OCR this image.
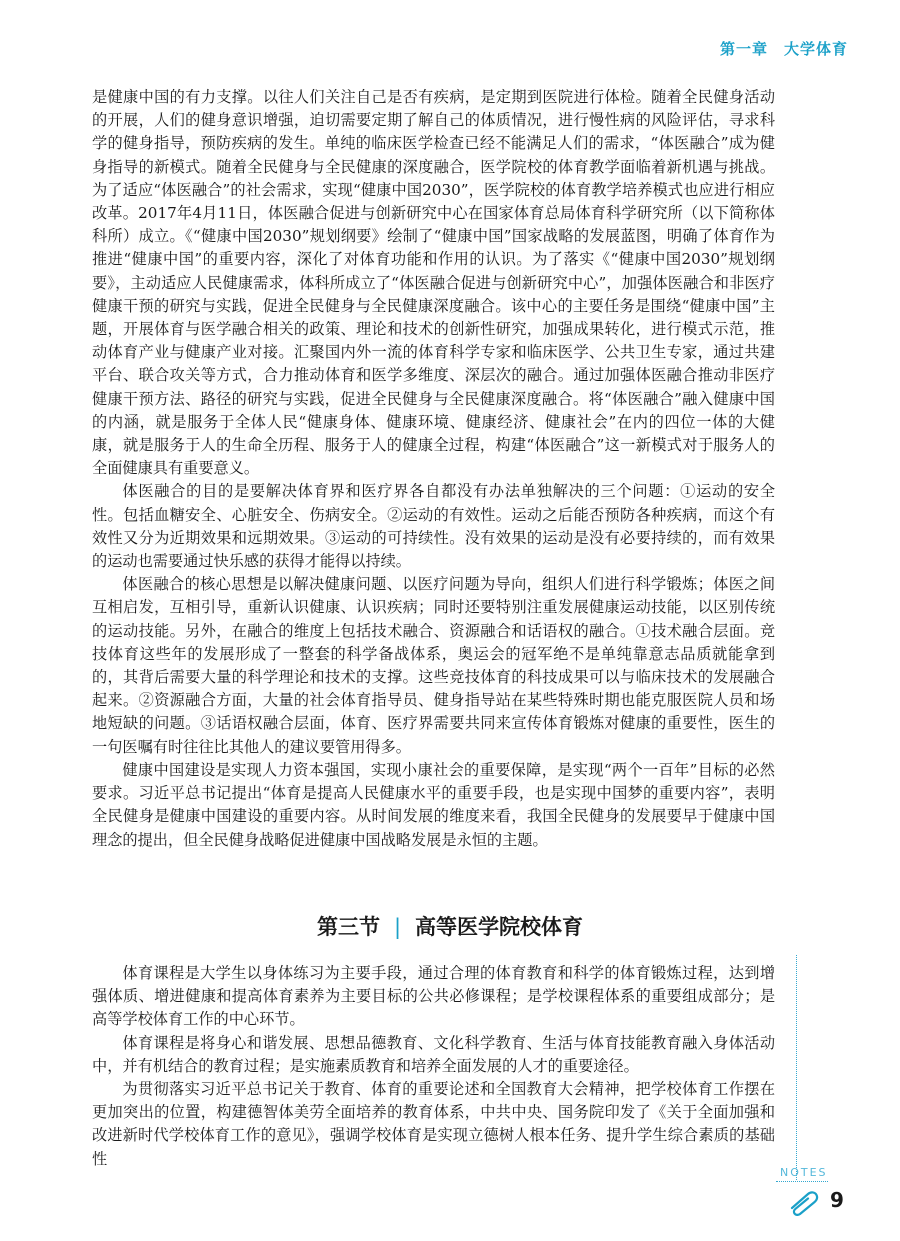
第一章　大学体育

是健康中国的有力支撑。以往人们关注自己是否有疾病，是定期到医院进行体检。随着全民健身活动的开展，人们的健身意识增强，迫切需要定期了解自己的体质情况，进行慢性病的风险评估，寻求科学的健身指导，预防疾病的发生。单纯的临床医学检查已经不能满足人们的需求，“体医融合”成为健身指导的新模式。随着全民健身与全民健康的深度融合，医学院校的体育教学面临着新机遇与挑战。为了适应“体医融合”的社会需求，实现“健康中国2030”，医学院校的体育教学培养模式也应进行相应改革。2017年4月11日，体医融合促进与创新研究中心在国家体育总局体育科学研究所（以下简称体科所）成立。《“健康中国2030”规划纲要》绘制了“健康中国”国家战略的发展蓝图，明确了体育作为推进“健康中国”的重要内容，深化了对体育功能和作用的认识。为了落实《“健康中国2030”规划纲要》，主动适应人民健康需求，体科所成立了“体医融合促进与创新研究中心”，加强体医融合和非医疗健康干预的研究与实践，促进全民健身与全民健康深度融合。该中心的主要任务是围绕“健康中国”主题，开展体育与医学融合相关的政策、理论和技术的创新性研究，加强成果转化，进行模式示范，推动体育产业与健康产业对接。汇聚国内外一流的体育科学专家和临床医学、公共卫生专家，通过共建平台、联合攻关等方式，合力推动体育和医学多维度、深层次的融合。通过加强体医融合推动非医疗健康干预方法、路径的研究与实践，促进全民健身与全民健康深度融合。将“体医融合”融入健康中国的内涵，就是服务于全体人民“健康身体、健康环境、健康经济、健康社会”在内的四位一体的大健康，就是服务于人的生命全历程、服务于人的健康全过程，构建“体医融合”这一新模式对于服务人的全面健康具有重要意义。

体医融合的目的是要解决体育界和医疗界各自都没有办法单独解决的三个问题：①运动的安全性。包括血糖安全、心脏安全、伤病安全。②运动的有效性。运动之后能否预防各种疾病，而这个有效性又分为近期效果和远期效果。③运动的可持续性。没有效果的运动是没有必要持续的，而有效果的运动也需要通过快乐感的获得才能得以持续。

体医融合的核心思想是以解决健康问题、以医疗问题为导向，组织人们进行科学锻炼；体医之间互相启发，互相引导，重新认识健康、认识疾病；同时还要特别注重发展健康运动技能，以区别传统的运动技能。另外，在融合的维度上包括技术融合、资源融合和话语权的融合。①技术融合层面。竞技体育这些年的发展形成了一整套的科学备战体系，奥运会的冠军绝不是单纯靠意志品质就能拿到的，其背后需要大量的科学理论和技术的支撑。这些竞技体育的科技成果可以与临床技术的发展融合起来。②资源融合方面，大量的社会体育指导员、健身指导站在某些特殊时期也能克服医院人员和场地短缺的问题。③话语权融合层面，体育、医疗界需要共同来宣传体育锻炼对健康的重要性，医生的一句医嘱有时往往比其他人的建议要管用得多。

健康中国建设是实现人力资本强国，实现小康社会的重要保障，是实现“两个一百年”目标的必然要求。习近平总书记提出“体育是提高人民健康水平的重要手段，也是实现中国梦的重要内容”，表明全民健身是健康中国建设的重要内容。从时间发展的维度来看，我国全民健身的发展要早于健康中国理念的提出，但全民健身战略促进健康中国战略发展是永恒的主题。

第三节 | 高等医学院校体育

体育课程是大学生以身体练习为主要手段，通过合理的体育教育和科学的体育锻炼过程，达到增强体质、增进健康和提高体育素养为主要目标的公共必修课程；是学校课程体系的重要组成部分；是高等学校体育工作的中心环节。

体育课程是将身心和谐发展、思想品德教育、文化科学教育、生活与体育技能教育融入身体活动中，并有机结合的教育过程；是实施素质教育和培养全面发展的人才的重要途径。

为贯彻落实习近平总书记关于教育、体育的重要论述和全国教育大会精神，把学校体育工作摆在更加突出的位置，构建德智体美劳全面培养的教育体系，中共中央、国务院印发了《关于全面加强和改进新时代学校体育工作的意见》，强调学校体育是实现立德树人根本任务、提升学生综合素质的基础性

NOTES
9
